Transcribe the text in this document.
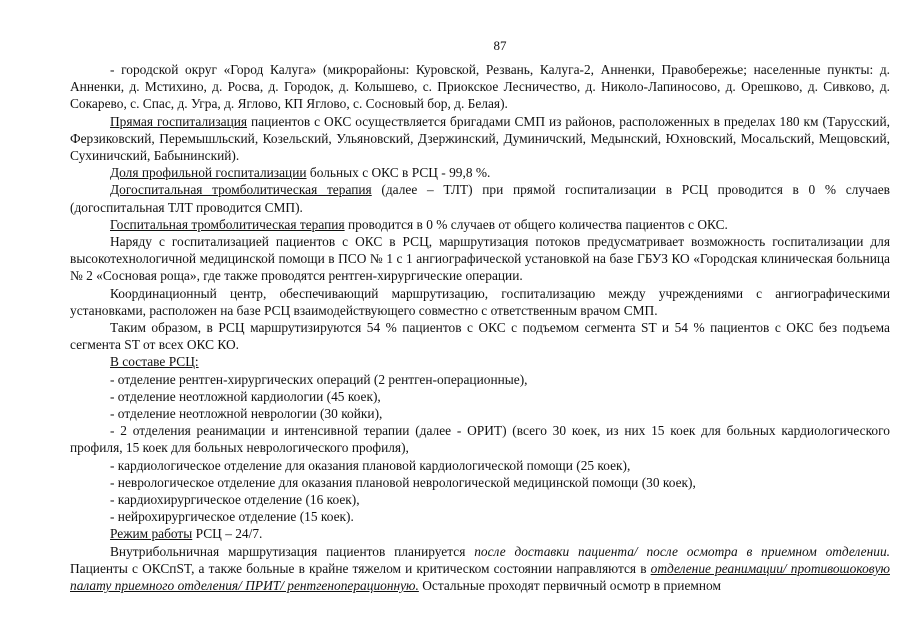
87

- городской округ «Город Калуга» (микрорайоны: Куровской, Резвань, Калуга-2, Анненки, Правобережье; населенные пункты: д. Анненки, д. Мстихино, д. Росва, д. Городок, д. Колышево, с. Приокское Лесничество, д. Николо-Лапиносово, д. Орешково, д. Сивково, д. Сокарево, с. Спас, д. Угра, д. Яглово, КП Яглово, с. Сосновый бор, д. Белая).

Прямая госпитализация пациентов с ОКС осуществляется бригадами СМП из районов, расположенных в пределах 180 км (Тарусский, Ферзиковский, Перемышльский, Козельский, Ульяновский, Дзержинский, Думиничский, Медынский, Юхновский, Мосальский, Мещовский, Сухиничский, Бабынинский).

Доля профильной госпитализации больных с ОКС в РСЦ - 99,8 %.

Догоспитальная тромболитическая терапия (далее – ТЛТ) при прямой госпитализации в РСЦ проводится в 0 % случаев (догоспитальная ТЛТ проводится СМП).

Госпитальная тромболитическая терапия проводится в 0 % случаев от общего количества пациентов с ОКС.

Наряду с госпитализацией пациентов с ОКС в РСЦ, маршрутизация потоков предусматривает возможность госпитализации для высокотехнологичной медицинской помощи в ПСО № 1 с 1 ангиографической установкой на базе ГБУЗ КО «Городская клиническая больница № 2 «Сосновая роща», где также проводятся рентген-хирургические операции.

Координационный центр, обеспечивающий маршрутизацию, госпитализацию между учреждениями с ангиографическими установками, расположен на базе РСЦ взаимодействующего совместно с ответственным врачом СМП.

Таким образом, в РСЦ маршрутизируются 54 % пациентов с ОКС с подъемом сегмента ST и 54 % пациентов с ОКС без подъема сегмента ST от всех ОКС КО.

В составе РСЦ:

- отделение рентген-хирургических операций (2 рентген-операционные),

- отделение неотложной кардиологии (45 коек),

- отделение неотложной неврологии (30 койки),

- 2 отделения реанимации и интенсивной терапии (далее - ОРИТ) (всего 30 коек, из них 15 коек для больных кардиологического профиля, 15 коек для больных неврологического профиля),

- кардиологическое отделение для оказания плановой кардиологической помощи (25 коек),

- неврологическое отделение для оказания плановой неврологической медицинской помощи (30 коек),

- кардиохирургическое отделение (16 коек),

- нейрохирургическое отделение (15 коек).

Режим работы РСЦ – 24/7.

Внутрибольничная маршрутизация пациентов планируется после доставки пациента/ после осмотра в приемном отделении. Пациенты с ОКСпST, а также больные в крайне тяжелом и критическом состоянии направляются в отделение реанимации/ противошоковую палату приемного отделения/ ПРИТ/ рентгеноперационную. Остальные проходят первичный осмотр в приемном
